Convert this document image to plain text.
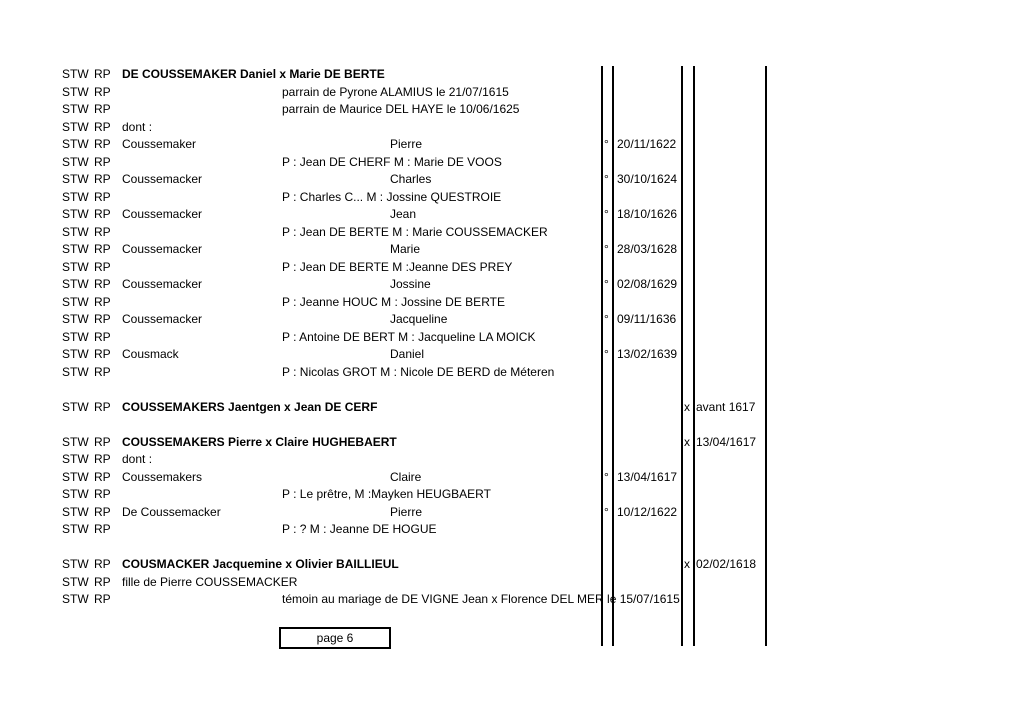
STW RP DE COUSSEMAKER Daniel x Marie DE BERTE
STW RP	parrain de Pyrone ALAMIUS le 21/07/1615
STW RP	parrain de Maurice DEL HAYE le 10/06/1625
STW RP dont :
STW RP Coussemaker	Pierre	° 20/11/1622
STW RP	P : Jean DE CHERF M : Marie DE VOOS
STW RP Coussemacker	Charles	° 30/10/1624
STW RP	P : Charles C... M : Jossine QUESTROIE
STW RP Coussemacker	Jean	° 18/10/1626
STW RP	P : Jean DE BERTE M : Marie COUSSEMACKER
STW RP Coussemacker	Marie	° 28/03/1628
STW RP	P : Jean DE BERTE M :Jeanne DES PREY
STW RP Coussemacker	Jossine	° 02/08/1629
STW RP	P : Jeanne HOUC M : Jossine DE BERTE
STW RP Coussemacker	Jacqueline	° 09/11/1636
STW RP	P : Antoine DE BERT M : Jacqueline LA MOICK
STW RP Cousmack	Daniel	° 13/02/1639
STW RP	P : Nicolas GROT M : Nicole DE BERD de Méteren
STW RP COUSSEMAKERS Jaentgen x Jean DE CERF	x avant 1617
STW RP COUSSEMAKERS Pierre x Claire HUGHEBAERT	x 13/04/1617
STW RP dont :
STW RP Coussemakers	Claire	° 13/04/1617
STW RP	P : Le prêtre, M :Mayken HEUGBAERT
STW RP De Coussemacker	Pierre	° 10/12/1622
STW RP	P : ? M : Jeanne DE HOGUE
STW RP COUSMACKER Jacquemine x Olivier BAILLIEUL	x 02/02/1618
STW RP fille de Pierre COUSSEMACKER
STW RP	témoin au mariage de DE VIGNE Jean x Florence DEL MER le 15/07/1615
page 6
